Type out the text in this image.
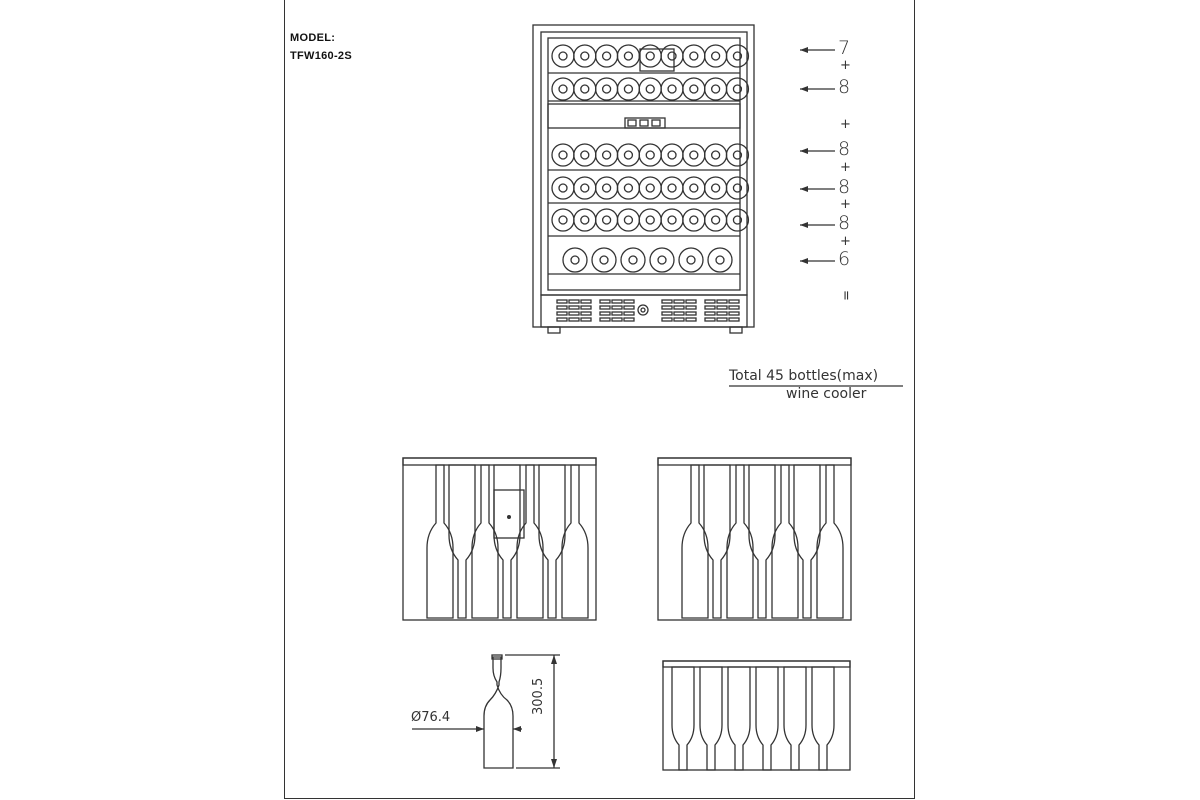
MODEL:
TFW160-2S	7
+
8
+
8
+
8
+
8
+
6
=
Total 45 bottles(max)
wine cooler
Ø76.4
300.5
